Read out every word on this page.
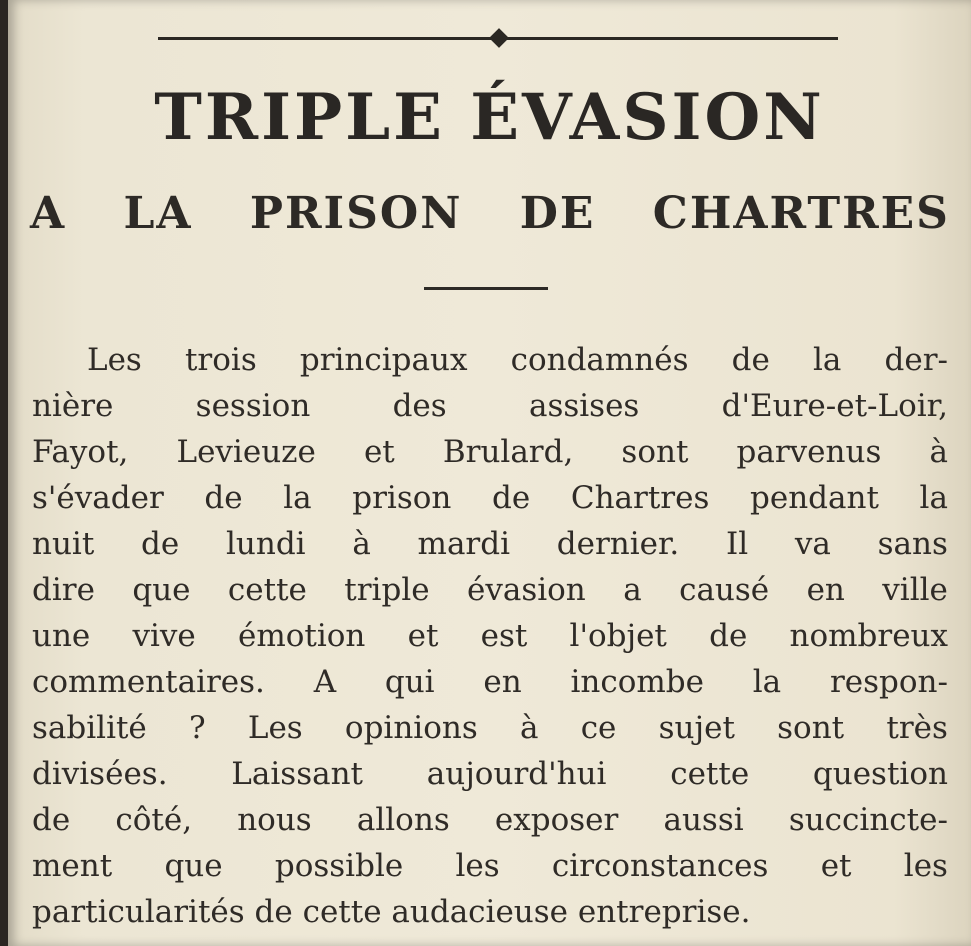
TRIPLE ÉVASION
A LA PRISON DE CHARTRES
Les trois principaux condamnés de la der-
nière	session	des	assises	d'Eure-et-Loir,
Fayot, Levieuze et Brulard, sont parvenus à
s'évader de la prison de Chartres pendant la
nuit de lundi à mardi dernier. Il va sans
dire que cette triple évasion a causé en ville
une vive émotion et est l'objet de nombreux
commentaires. A qui en incombe la respon-
sabilité ? Les opinions à ce sujet sont très
divisées. Laissant aujourd'hui cette question
de côté, nous allons exposer aussi succincte-
ment que possible les circonstances et les
particularités de cette audacieuse entreprise.
